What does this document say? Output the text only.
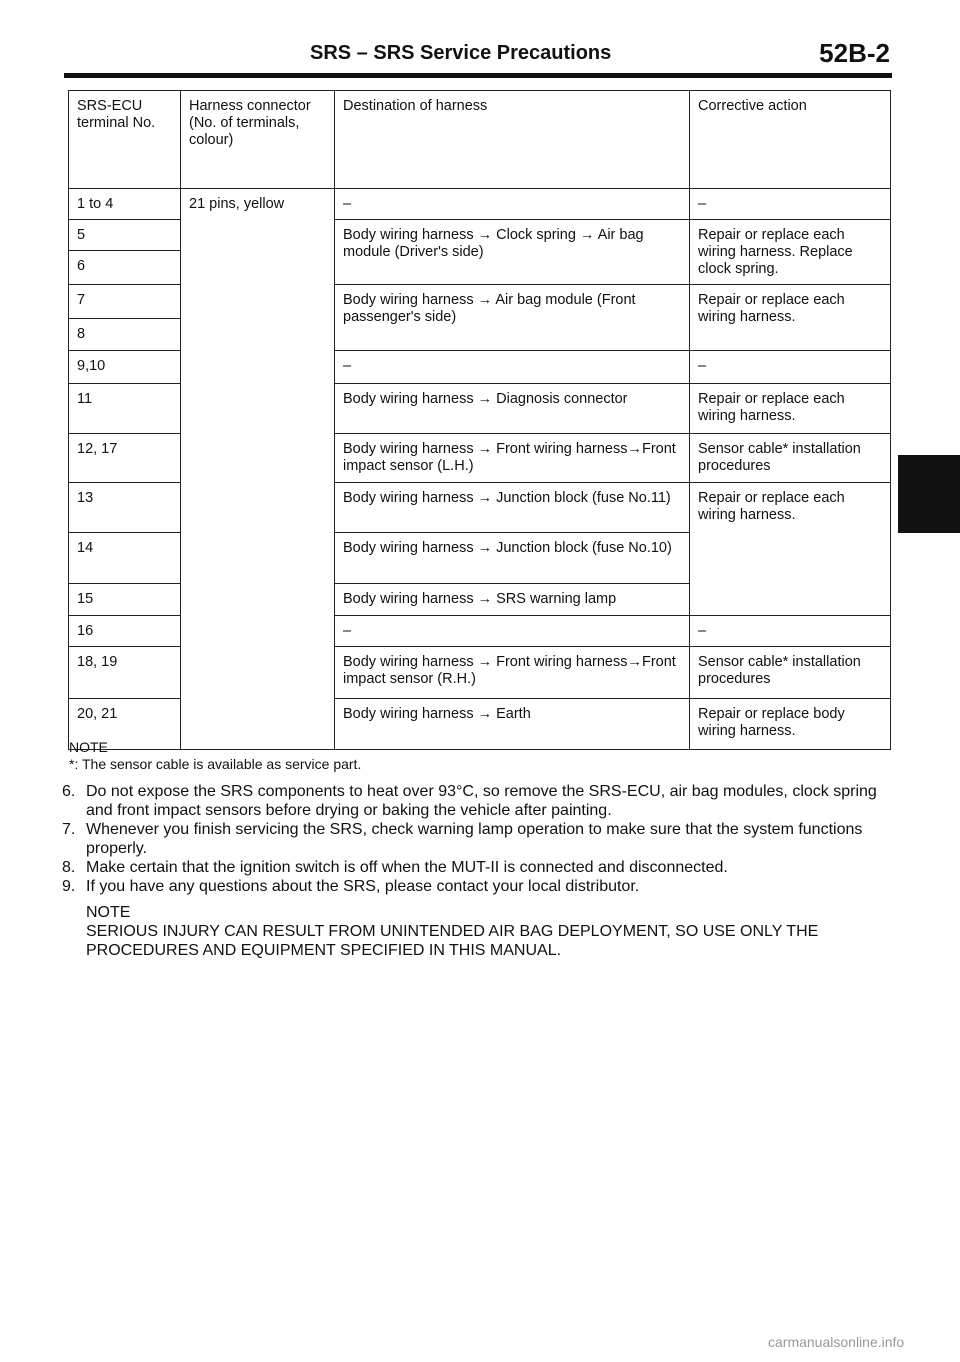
SRS – SRS Service Precautions	52B-2
SRS-ECU terminal No.	Harness connector (No. of terminals, colour)	Destination of harness	Corrective action
1 to 4	21 pins, yellow	–	–
5		Body wiring harness → Clock spring → Air bag module (Driver's side)	Repair or replace each wiring harness. Replace clock spring.
6			
7		Body wiring harness → Air bag module (Front passenger's side)	Repair or replace each wiring harness.
8			
9,10		–	–
11		Body wiring harness → Diagnosis connector	Repair or replace each wiring harness.
12, 17		Body wiring harness → Front wiring harness→Front impact sensor (L.H.)	Sensor cable* installation procedures
13		Body wiring harness → Junction block (fuse No.11)	Repair or replace each wiring harness.
14		Body wiring harness → Junction block (fuse No.10)	
15		Body wiring harness → SRS warning lamp	
16		–	–
18, 19		Body wiring harness → Front wiring harness→Front impact sensor (R.H.)	Sensor cable* installation procedures
20, 21		Body wiring harness → Earth	Repair or replace body wiring harness.
NOTE
*: The sensor cable is available as service part.
6. Do not expose the SRS components to heat over 93°C, so remove the SRS-ECU, air bag modules, clock spring and front impact sensors before drying or baking the vehicle after painting.
7. Whenever you finish servicing the SRS, check warning lamp operation to make sure that the system functions properly.
8. Make certain that the ignition switch is off when the MUT-II is connected and disconnected.
9. If you have any questions about the SRS, please contact your local distributor.
NOTE
SERIOUS INJURY CAN RESULT FROM UNINTENDED AIR BAG DEPLOYMENT, SO USE ONLY THE PROCEDURES AND EQUIPMENT SPECIFIED IN THIS MANUAL.
carmanualsonline.info
